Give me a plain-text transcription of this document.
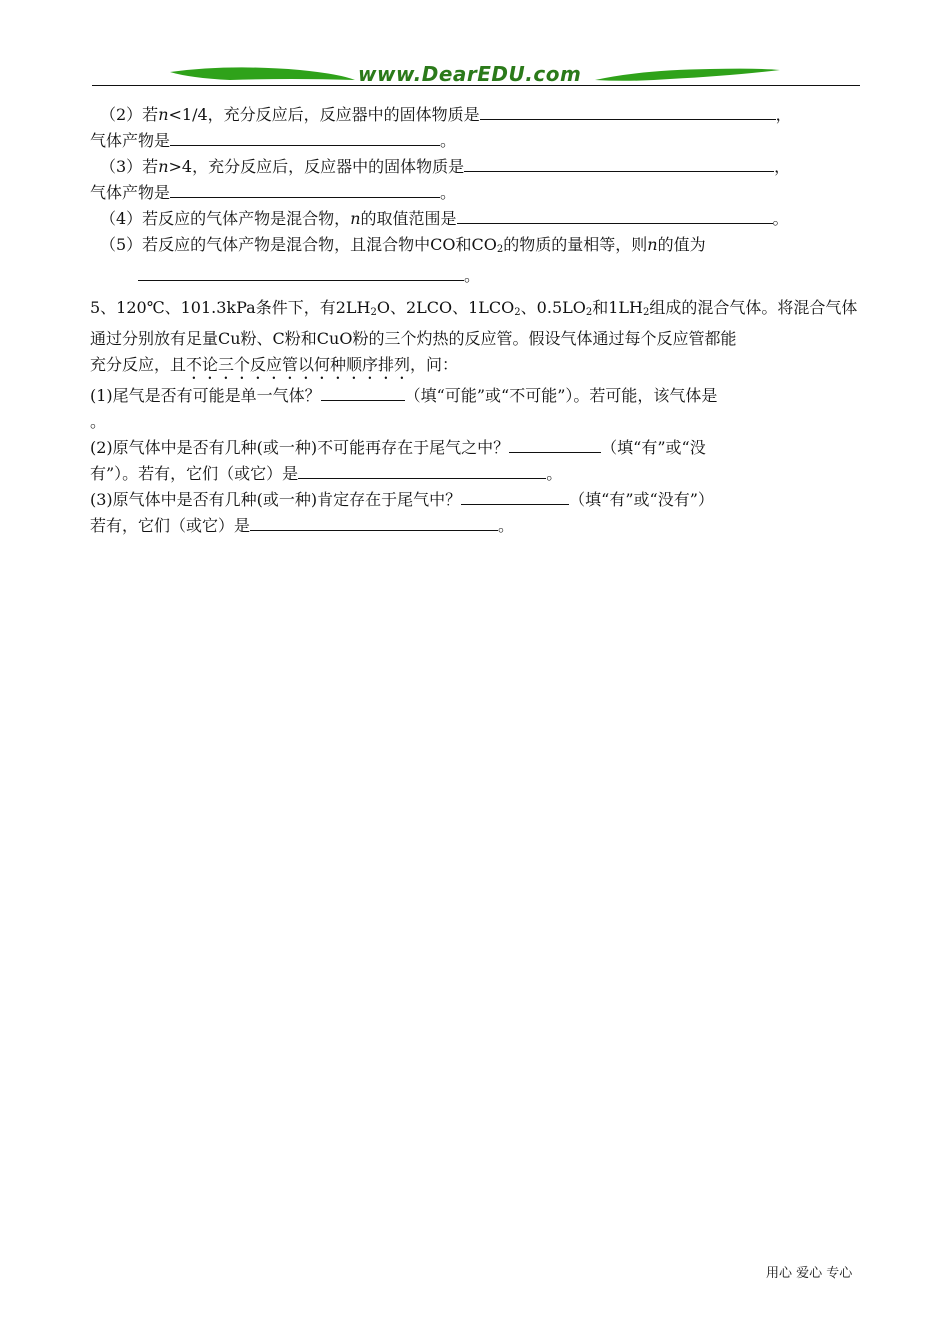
www.DearEDU.com
（2）若n<1/4，充分反应后，反应器中的固体物质是	，
气体产物是	。
（3）若n>4，充分反应后，反应器中的固体物质是	，
气体产物是	。
（4）若反应的气体产物是混合物，n的取值范围是	。
（5）若反应的气体产物是混合物，且混合物中CO和$CO_2$的物质的量相等，则n的值为
。
5、120℃、101.3kPa条件下，有$2LH_2O$、2LCO、$1LCO_2$、$0.5LO_2$和$1LH_2$组成的混合气体。将混合气体
通过分别放有足量Cu粉、C粉和CuO粉的三个灼热的反应管。假设气体通过每个反应管都能
充分反应，且不论三个反应管以何种顺序排列，问：
(1)尾气是否有可能是单一气体？	（填“可能”或“不可能”）。若可能，该气体是
。
(2)原气体中是否有几种(或一种)不可能再存在于尾气之中？	（填“有”或“没
有”）。若有，它们（或它）是	。
(3)原气体中是否有几种(或一种)肯定存在于尾气中？	（填“有”或“没有”）
若有，它们（或它）是	。
用心 爱心 专心
